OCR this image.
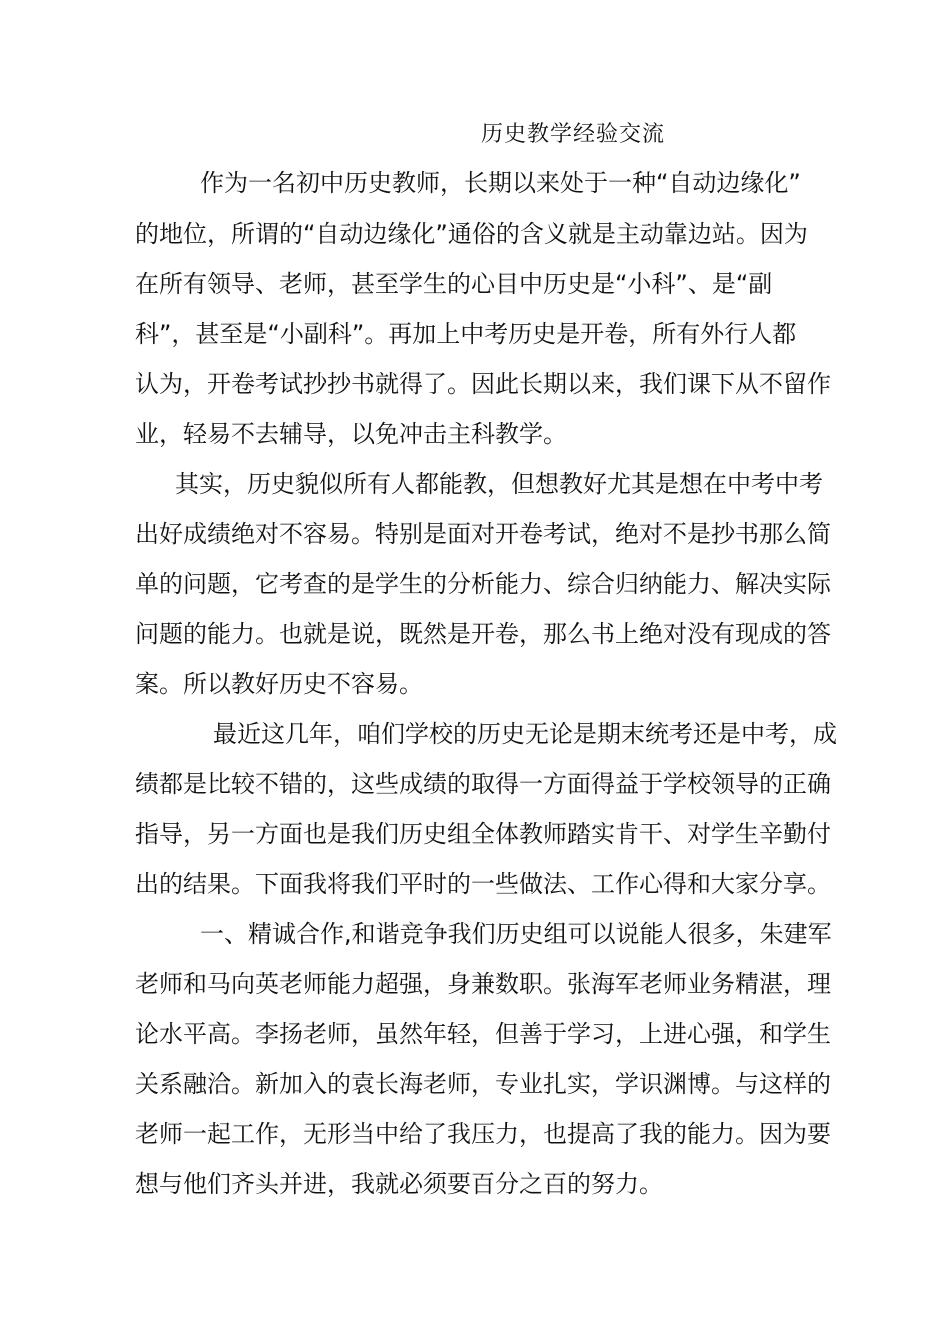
历史教学经验交流
作为一名初中历史教师，长期以来处于一种“自动边缘化”
的地位，所谓的“自动边缘化”通俗的含义就是主动靠边站。因为
在所有领导、老师，甚至学生的心目中历史是“小科”、是“副
科”，甚至是“小副科”。再加上中考历史是开卷，所有外行人都
认为，开卷考试抄抄书就得了。因此长期以来，我们课下从不留作
业，轻易不去辅导，以免冲击主科教学。
其实，历史貌似所有人都能教，但想教好尤其是想在中考中考
出好成绩绝对不容易。特别是面对开卷考试，绝对不是抄书那么简
单的问题，它考查的是学生的分析能力、综合归纳能力、解决实际
问题的能力。也就是说，既然是开卷，那么书上绝对没有现成的答
案。所以教好历史不容易。
最近这几年，咱们学校的历史无论是期末统考还是中考，成
绩都是比较不错的，这些成绩的取得一方面得益于学校领导的正确
指导，另一方面也是我们历史组全体教师踏实肯干、对学生辛勤付
出的结果。下面我将我们平时的一些做法、工作心得和大家分享。
一、精诚合作,和谐竞争我们历史组可以说能人很多，朱建军
老师和马向英老师能力超强，身兼数职。张海军老师业务精湛，理
论水平高。李扬老师，虽然年轻，但善于学习，上进心强，和学生
关系融洽。新加入的袁长海老师，专业扎实，学识渊博。与这样的
老师一起工作，无形当中给了我压力，也提高了我的能力。因为要
想与他们齐头并进，我就必须要百分之百的努力。
